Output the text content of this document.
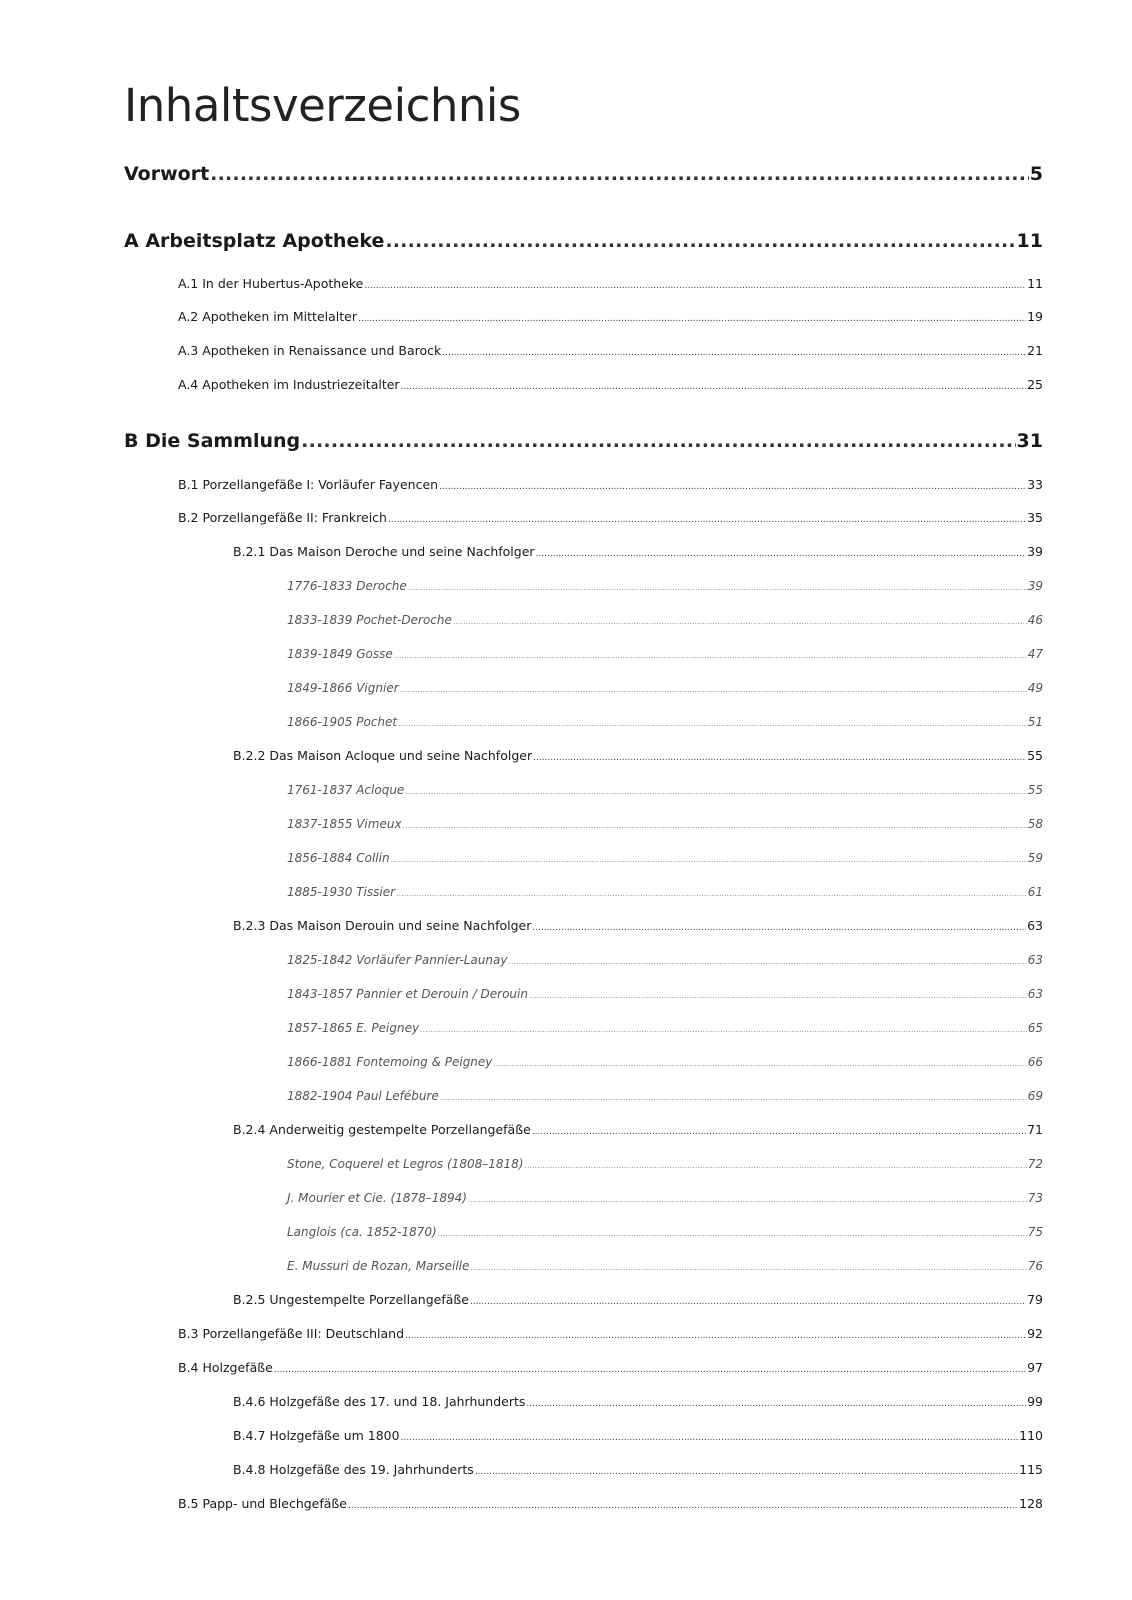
Inhaltsverzeichnis
Vorwort .....	5
A Arbeitsplatz Apotheke .....	11
A.1 In der Hubertus-Apotheke .....	11
A.2 Apotheken im Mittelalter .....	19
A.3 Apotheken in Renaissance und Barock .....	21
A.4 Apotheken im Industriezeitalter .....	25
B Die Sammlung .....	31
B.1 Porzellangefäße I: Vorläufer Fayencen .....	33
B.2 Porzellangefäße II: Frankreich .....	35
B.2.1 Das Maison Deroche und seine Nachfolger .....	39
1776-1833 Deroche .....	39
1833-1839 Pochet-Deroche .....	46
1839-1849 Gosse .....	47
1849-1866 Vignier .....	49
1866-1905 Pochet .....	51
B.2.2 Das Maison Acloque und seine Nachfolger .....	55
1761-1837 Acloque .....	55
1837-1855 Vimeux .....	58
1856-1884 Collin .....	59
1885-1930 Tissier .....	61
B.2.3 Das Maison Derouin und seine Nachfolger .....	63
1825-1842 Vorläufer Pannier-Launay .....	63
1843-1857 Pannier et Derouin / Derouin .....	63
1857-1865 E. Peigney .....	65
1866-1881 Fontemoing & Peigney .....	66
1882-1904 Paul Lefébure .....	69
B.2.4 Anderweitig gestempelte Porzellangefäße .....	71
Stone, Coquerel et Legros (1808–1818) .....	72
J. Mourier et Cie. (1878–1894) .....	73
Langlois (ca. 1852-1870) .....	75
E. Mussuri de Rozan, Marseille .....	76
B.2.5 Ungestempelte Porzellangefäße .....	79
B.3 Porzellangefäße III: Deutschland .....	92
B.4 Holzgefäße .....	97
B.4.6 Holzgefäße des 17. und 18. Jahrhunderts .....	99
B.4.7 Holzgefäße um 1800 .....	110
B.4.8 Holzgefäße des 19. Jahrhunderts .....	115
B.5 Papp- und Blechgefäße .....	128
